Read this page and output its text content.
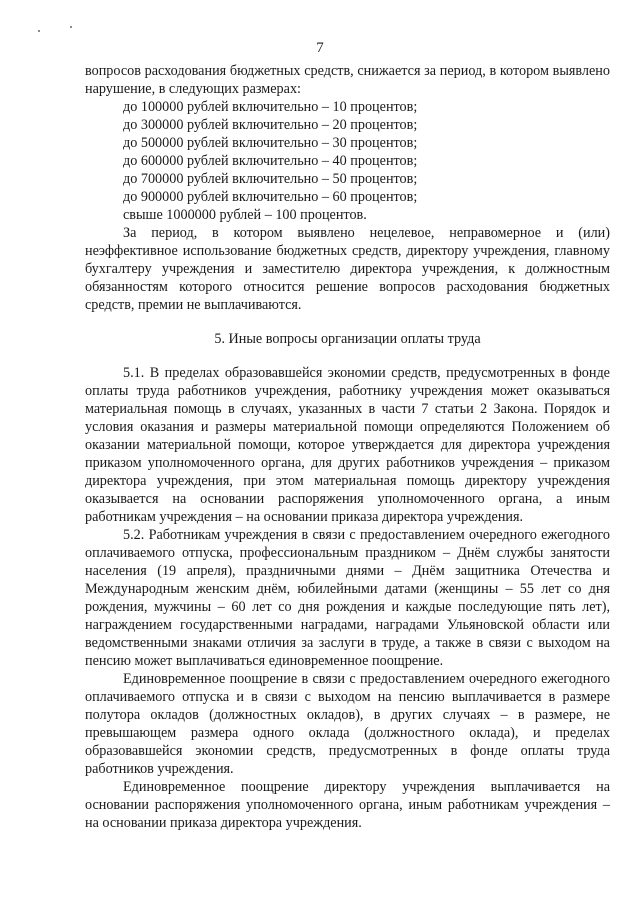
7

вопросов расходования бюджетных средств, снижается за период, в котором выявлено нарушение, в следующих размерах:

до 100000 рублей включительно – 10 процентов;
до 300000 рублей включительно – 20 процентов;
до 500000 рублей включительно – 30 процентов;
до 600000 рублей включительно – 40 процентов;
до 700000 рублей включительно – 50 процентов;
до 900000 рублей включительно – 60 процентов;
свыше 1000000 рублей – 100 процентов.

За период, в котором выявлено нецелевое, неправомерное и (или) неэффективное использование бюджетных средств, директору учреждения, главному бухгалтеру учреждения и заместителю директора учреждения, к должностным обязанностям которого относится решение вопросов расходования бюджетных средств, премии не выплачиваются.

5. Иные вопросы организации оплаты труда

5.1. В пределах образовавшейся экономии средств, предусмотренных в фонде оплаты труда работников учреждения, работнику учреждения может оказываться материальная помощь в случаях, указанных в части 7 статьи 2 Закона. Порядок и условия оказания и размеры материальной помощи определяются Положением об оказании материальной помощи, которое утверждается для директора учреждения приказом уполномоченного органа, для других работников учреждения – приказом директора учреждения, при этом материальная помощь директору учреждения оказывается на основании распоряжения уполномоченного органа, а иным работникам учреждения – на основании приказа директора учреждения.

5.2. Работникам учреждения в связи с предоставлением очередного ежегодного оплачиваемого отпуска, профессиональным праздником – Днём службы занятости населения (19 апреля), праздничными днями – Днём защитника Отечества и Международным женским днём, юбилейными датами (женщины – 55 лет со дня рождения, мужчины – 60 лет со дня рождения и каждые последующие пять лет), награждением государственными наградами, наградами Ульяновской области или ведомственными знаками отличия за заслуги в труде, а также в связи с выходом на пенсию может выплачиваться единовременное поощрение.

Единовременное поощрение в связи с предоставлением очередного ежегодного оплачиваемого отпуска и в связи с выходом на пенсию выплачивается в размере полутора окладов (должностных окладов), в других случаях – в размере, не превышающем размера одного оклада (должностного оклада), и пределах образовавшейся экономии средств, предусмотренных в фонде оплаты труда работников учреждения.

Единовременное поощрение директору учреждения выплачивается на основании распоряжения уполномоченного органа, иным работникам учреждения – на основании приказа директора учреждения.
